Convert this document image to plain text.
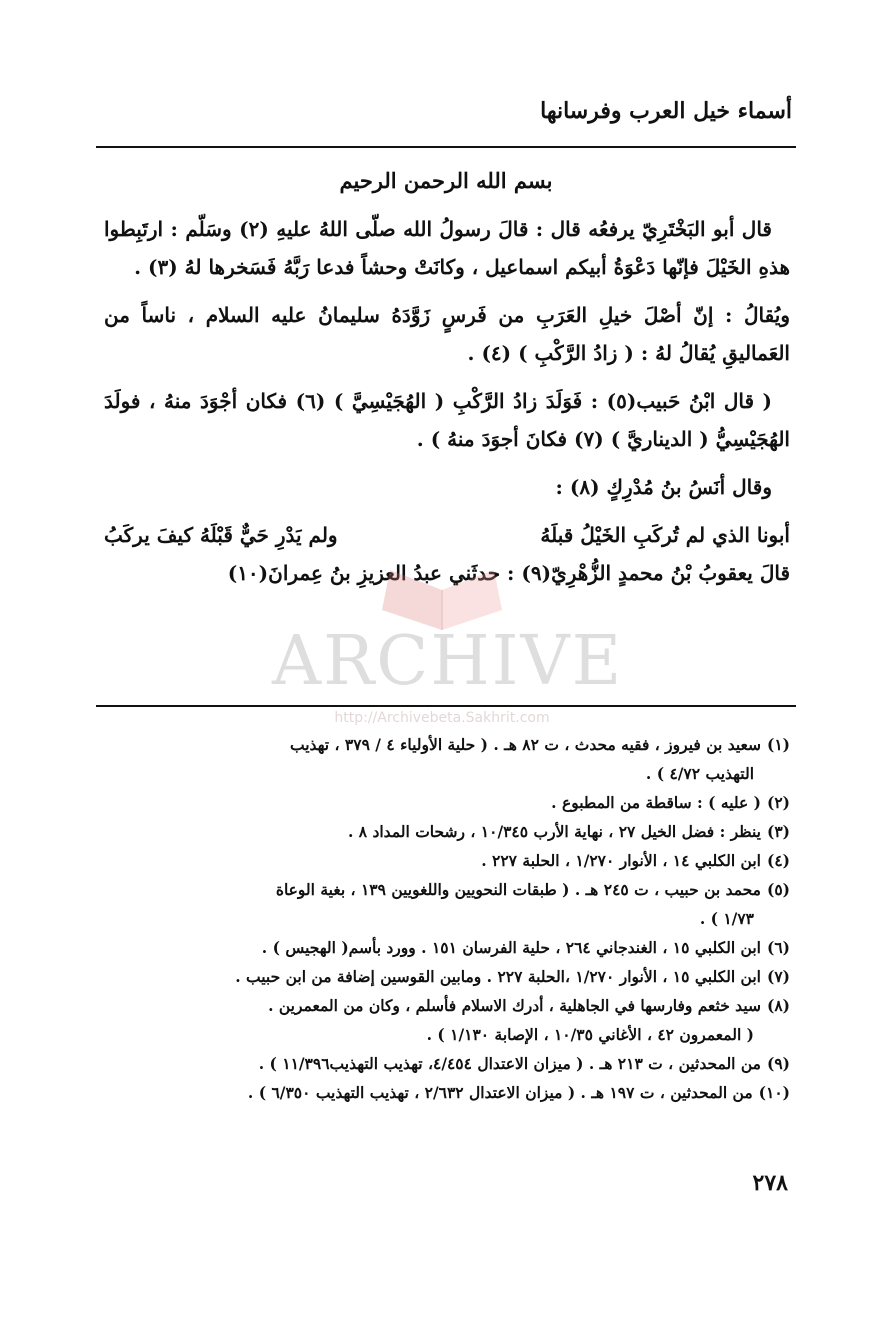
أسماء خيل العرب وفرسانها
بسم الله الرحمن الرحيم

قال أبو البَخْتَرِيّ يرفعُه قال : قالَ رسولُ الله صلّى اللهُ عليهِ (٢) وسَلّم : ارتَبِطوا هذهِ الخَيْلَ فإنّها دَعْوَةُ أبيكم اسماعيل ، وكانَتْ وحشاً فدعا رَبَّهُ فَسَخرها لهُ (٣) .

ويُقالُ : إنّ أصْلَ خيلِ العَرَبِ من فَرسٍ زَوَّدَهُ سليمانُ عليه السلام ، ناساً من العَماليقِ يُقالُ لهُ : ( زادُ الرَّكْبِ ) (٤) .

( قال ابْنُ حَبيب(٥) : فَوَلَدَ زادُ الرَّكْبِ ( الهُجَيْسِيَّ ) (٦) فكان أجْوَدَ منهُ ، فولَدَ الهُجَيْسِيُّ ( الديناريَّ ) (٧) فكانَ أجوَدَ منهُ ) .

وقال أنَسُ بنُ مُدْرِكٍ (٨) :

أبونا الذي لم تُركَبِ الخَيْلُ قبلَهُ
ولم يَدْرِ حَيٌّ قَبْلَهُ كيفَ يركَبُ

قالَ يعقوبُ بْنُ محمدٍ الزُّهْرِيّ(٩) : حدثَني عبدُ العزيزِ بنُ عِمرانَ(١٠)

ARCHIVE
http://Archivebeta.Sakhrit.com
(١)سعيد بن فيروز ، فقيه محدث ، ت ٨٢ هـ . ( حلية الأولياء ٤ / ٣٧٩ ، تهذيب
التهذيب ٤/٧٢ ) .
(٢)( عليه ) : ساقطة من المطبوع .
(٣)ينظر : فضل الخيل ٢٧ ، نهاية الأرب ١٠/٣٤٥ ، رشحات المداد ٨ .
(٤)ابن الكلبي ١٤ ، الأنوار ١/٢٧٠ ، الحلبة ٢٢٧ .
(٥)محمد بن حبيب ، ت ٢٤٥ هـ . ( طبقات النحويين واللغويين ١٣٩ ، بغية الوعاة
١/٧٣ ) .
(٦)ابن الكلبي ١٥ ، الغندجاني ٢٦٤ ، حلية الفرسان ١٥١ . وورد بأسم( الهجيس ) .
(٧)ابن الكلبي ١٥ ، الأنوار ١/٢٧٠ ،الحلبة ٢٢٧ . ومابين القوسين إضافة من ابن حبيب .
(٨)سيد خثعم وفارسها في الجاهلية ، أدرك الاسلام فأسلم ، وكان من المعمرين .
( المعمرون ٤٢ ، الأغاني ١٠/٣٥ ، الإصابة ١/١٣٠ ) .
(٩)من المحدثين ، ت ٢١٣ هـ . ( ميزان الاعتدال ٤/٤٥٤، تهذيب التهذيب١١/٣٩٦ ) .
(١٠)من المحدثين ، ت ١٩٧ هـ . ( ميزان الاعتدال ٢/٦٣٢ ، تهذيب التهذيب ٦/٣٥٠ ) .
٢٧٨
